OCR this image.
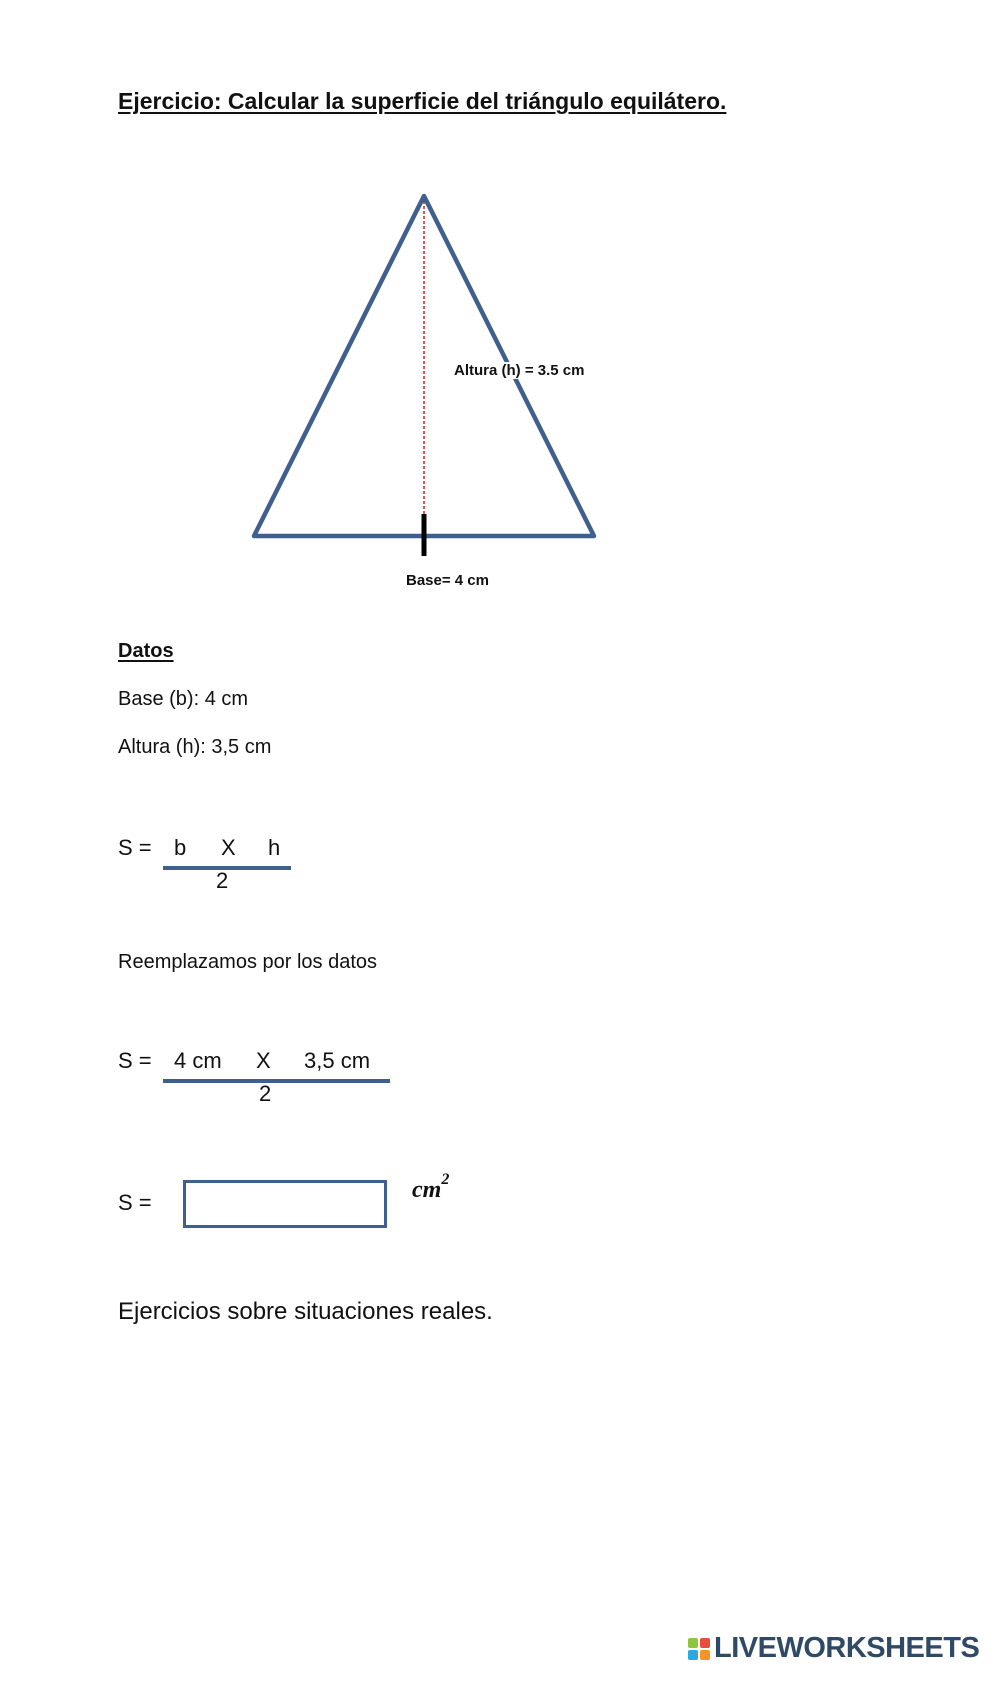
Ejercicio: Calcular la superficie del triángulo equilátero.
Altura (h) = 3.5 cm
Base= 4 cm
Datos
Base (b): 4 cm
Altura (h): 3,5 cm
S = b X h
2
Reemplazamos por los datos
S = 4 cm X 3,5 cm
2
S =	$cm^2$
Ejercicios sobre situaciones reales.
LIVEWORKSHEETS
